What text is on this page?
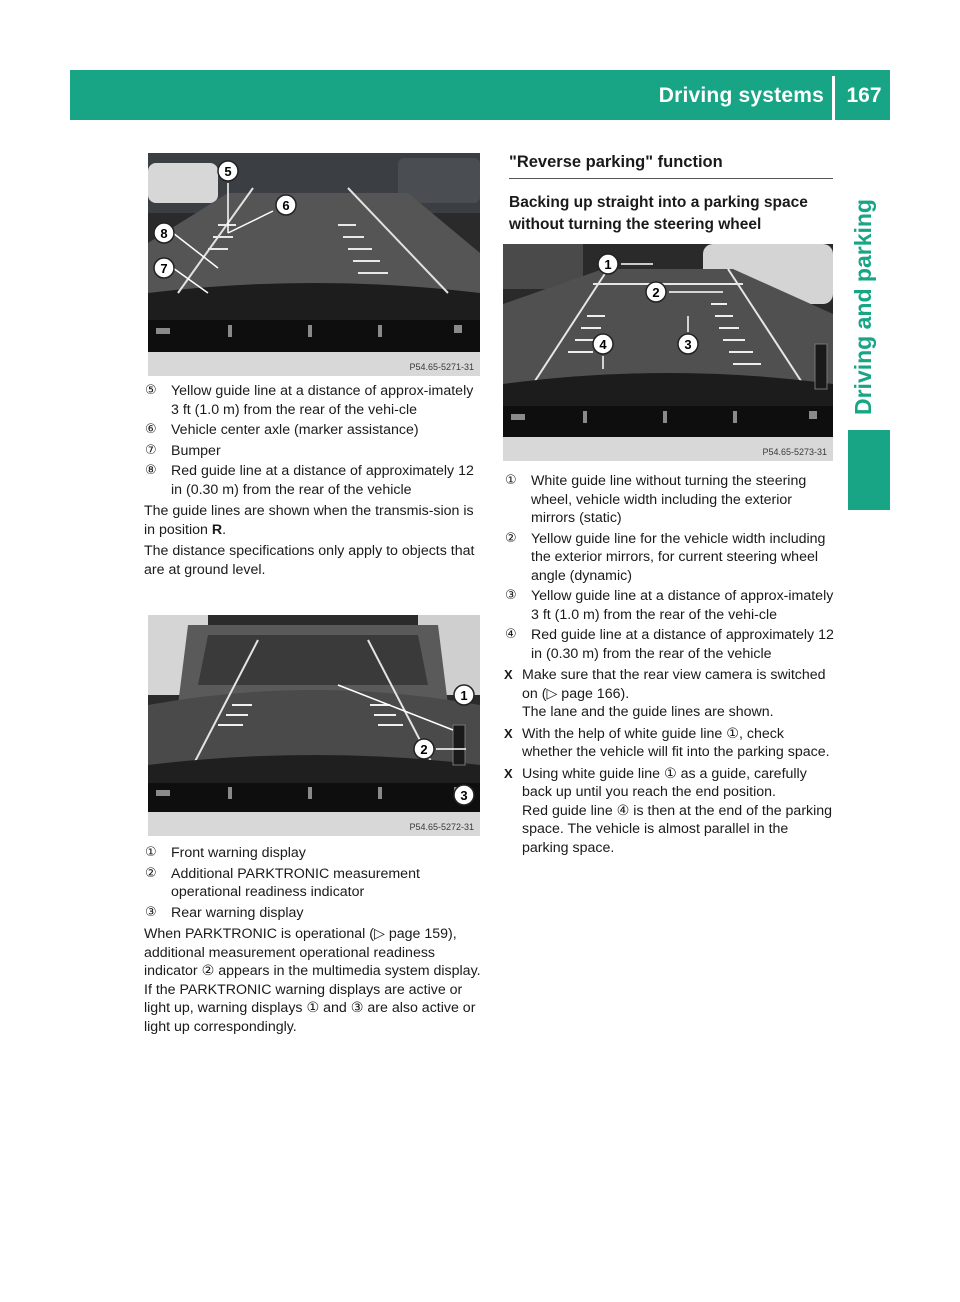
Driving systems	167
Driving and parking
5
6
8
7
P54.65-5271-31
⑤	Yellow guide line at a distance of approx-imately 3 ft (1.0 m) from the rear of the vehi-cle
⑥	Vehicle center axle (marker assistance)
⑦	Bumper
⑧	Red guide line at a distance of approximately 12 in (0.30 m) from the rear of the vehicle

The guide lines are shown when the transmis-sion is in position R.

The distance specifications only apply to objects that are at ground level.

1
2
3
P54.65-5272-31
①	Front warning display
②	Additional PARKTRONIC measurement operational readiness indicator
③	Rear warning display

When PARKTRONIC is operational (▷ page 159), additional measurement operational readiness indicator ② appears in the multimedia system display. If the PARKTRONIC warning displays are active or light up, warning displays ① and ③ are also active or light up correspondingly.

"Reverse parking" function
Backing up straight into a parking space without turning the steering wheel
1
2
4	3
P54.65-5273-31
①	White guide line without turning the steering wheel, vehicle width including the exterior mirrors (static)
②	Yellow guide line for the vehicle width including the exterior mirrors, for current steering wheel angle (dynamic)
③	Yellow guide line at a distance of approx-imately 3 ft (1.0 m) from the rear of the vehi-cle
④	Red guide line at a distance of approximately 12 in (0.30 m) from the rear of the vehicle
X Make sure that the rear view camera is switched on (▷ page 166).
The lane and the guide lines are shown.
X With the help of white guide line ①, check whether the vehicle will fit into the parking space.
X Using white guide line ① as a guide, carefully back up until you reach the end position.
Red guide line ④ is then at the end of the parking space. The vehicle is almost parallel in the parking space.
